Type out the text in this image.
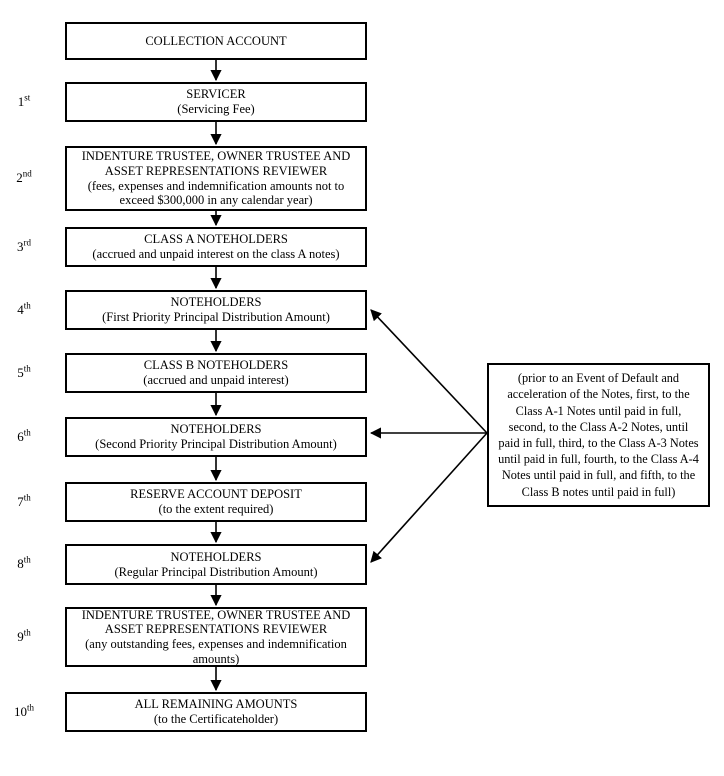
1st
2nd
3rd
4th
5th
6th
7th
8th
9th
10th
COLLECTION ACCOUNT
SERVICER
(Servicing Fee)
INDENTURE TRUSTEE, OWNER TRUSTEE AND ASSET REPRESENTATIONS REVIEWER
(fees, expenses and indemnification amounts not to exceed $300,000 in any calendar year)
CLASS A NOTEHOLDERS
(accrued and unpaid interest on the class A notes)
NOTEHOLDERS
(First Priority Principal Distribution Amount)
CLASS B NOTEHOLDERS
(accrued and unpaid interest)
NOTEHOLDERS
(Second Priority Principal Distribution Amount)
RESERVE ACCOUNT DEPOSIT
(to the extent required)
NOTEHOLDERS
(Regular Principal Distribution Amount)
INDENTURE TRUSTEE, OWNER TRUSTEE AND ASSET REPRESENTATIONS REVIEWER
(any outstanding fees, expenses and indemnification amounts)
ALL REMAINING AMOUNTS
(to the Certificateholder)
(prior to an Event of Default and acceleration of the Notes, first, to the Class A-1 Notes until paid in full, second, to the Class A-2 Notes, until paid in full, third, to the Class A-3 Notes until paid in full, fourth, to the Class A-4 Notes until paid in full, and fifth, to the Class B notes until paid in full)
